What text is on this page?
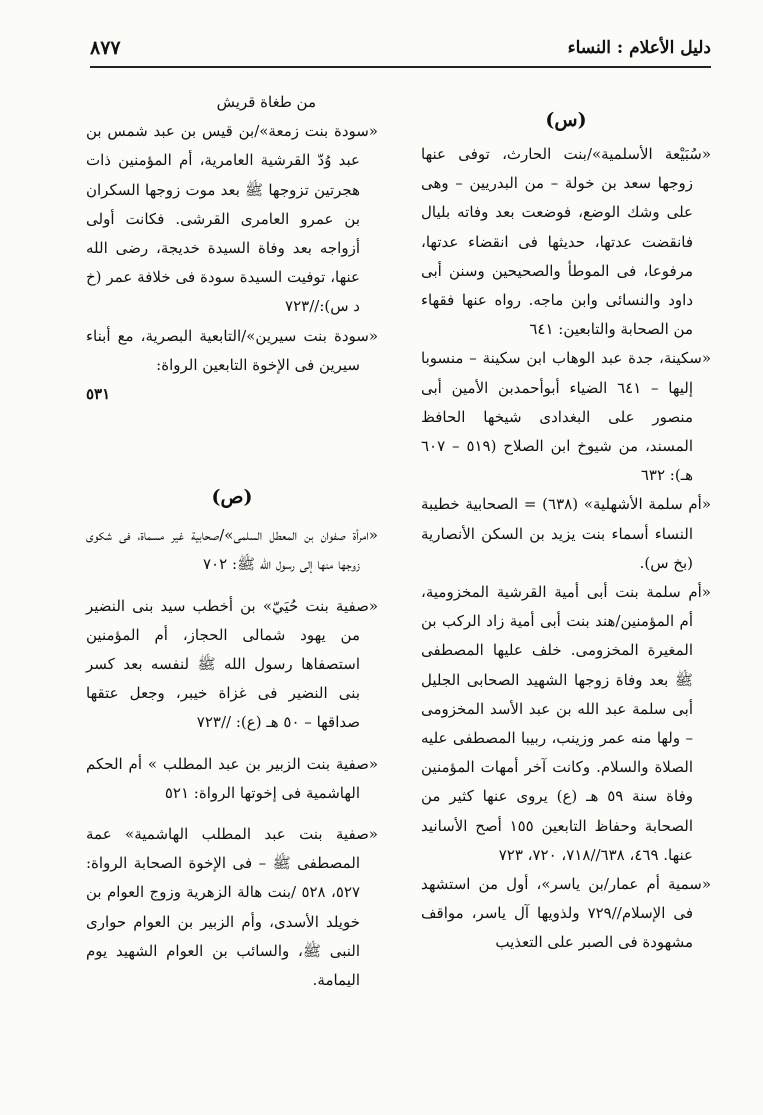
دليل الأعلام : النساء
٨٧٧
(س)

«سُبَيْعة الأسلمية»/بنت الحارث، توفى عنها زوجها سعد بن خولة – من البدريين – وهى على وشك الوضع، فوضعت بعد وفاته بليال فانقضت عدتها، حديثها فى انقضاء عدتها، مرفوعا، فى الموطأ والصحيحين وسنن أبى داود والنسائى وابن ماجه. رواه عنها فقهاء من الصحابة والتابعين: ٦٤١

«سكينة، جدة عبد الوهاب ابن سكينة – منسوبا إليها – ٦٤١ الضياء أبوأحمدبن الأمين أبى منصور على البغدادى شيخها الحافظ المسند، من شيوخ ابن الصلاح (٥١٩ – ٦٠٧ هـ): ٦٣٢

«أم سلمة الأشهلية» (٦٣٨) = الصحابية خطيبة النساء أسماء بنت يزيد بن السكن الأنصارية (بخ س).

«أم سلمة بنت أبى أمية القرشية المخزومية، أم المؤمنين/هند بنت أبى أمية زاد الركب بن المغيرة المخزومى. خلف عليها المصطفى ﷺ بعد وفاة زوجها الشهيد الصحابى الجليل أبى سلمة عبد الله بن عبد الأسد المخزومى – ولها منه عمر وزينب، ربيبا المصطفى عليه الصلاة والسلام. وكانت آخر أمهات المؤمنين وفاة سنة ٥٩ هـ (ع) يروى عنها كثير من الصحابة وحفاظ التابعين ١٥٥ أصح الأسانيد عنها. ٤٦٩، ٦٣٨//٧١٨، ٧٢٠، ٧٢٣

«سمية أم عمار/بن ياسر»، أول من استشهد فى الإسلام//٧٢٩ ولذويها آل ياسر، مواقف مشهودة فى الصبر على التعذيب

من طغاة قريش

«سودة بنت زمعة»/بن قيس بن عبد شمس بن عبد وُدّ القرشية العامرية، أم المؤمنين ذات هجرتين تزوجها ﷺ بعد موت زوجها السكران بن عمرو العامرى القرشى. فكانت أولى أزواجه بعد وفاة السيدة خديجة، رضى الله عنها، توفيت السيدة سودة فى خلافة عمر (خ د س)://٧٢٣

«سودة بنت سيرين»/التابعية البصرية، مع أبناء سيرين فى الإخوة التابعين الرواة:

٥٣١

(ص)

«امرأة صفوان بن المعطل السلمى»/صحابية غير مسماة، فى شكوى زوجها منها إلى رسول الله ﷺ: ٧٠٢

«صفية بنت حُيَيّ» بن أخطب سيد بنى النضير من يهود شمالى الحجاز، أم المؤمنين استصفاها رسول الله ﷺ لنفسه بعد كسر بنى النضير فى غزاة خيبر، وجعل عتقها صداقها – ٥٠ هـ (ع): //٧٢٣

«صفية بنت الزبير بن عبد المطلب » أم الحكم الهاشمية فى إخوتها الرواة: ٥٢١

«صفية بنت عبد المطلب الهاشمية» عمة المصطفى ﷺ – فى الإخوة الصحابة الرواة: ٥٢٧، ٥٢٨ /بنت هالة الزهرية وزوج العوام بن خويلد الأسدى، وأم الزبير بن العوام حوارى النبى ﷺ، والسائب بن العوام الشهيد يوم اليمامة.
